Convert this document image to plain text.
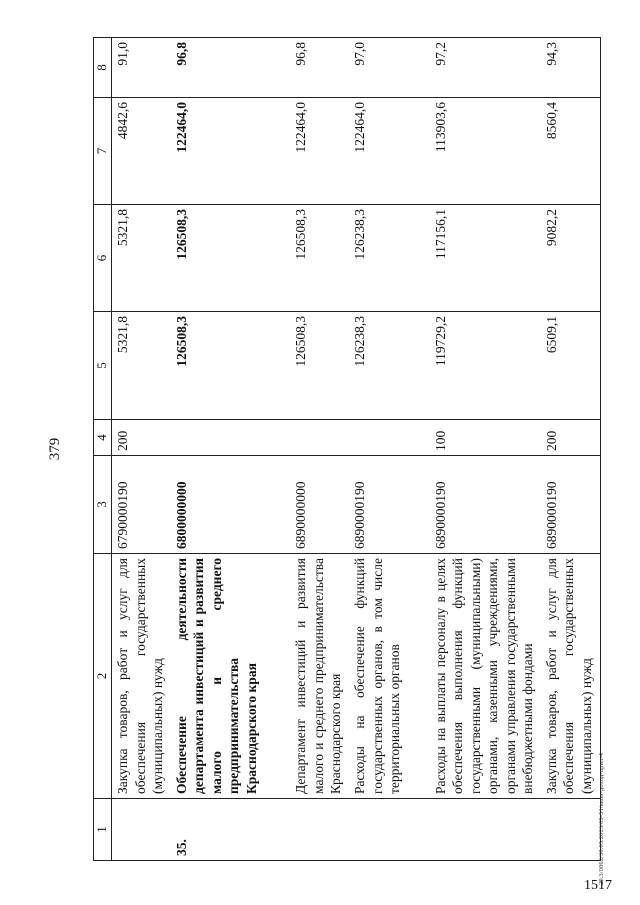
379
1	2	3	4	5	6	7	8
	Закупка товаров, работ и услуг для обеспечения государственных (муниципальных) нужд	6790000190	200	5321,8	5321,8	4842,6	91,0
35.	Обеспечение деятельности департамента инвестиций и развития малого и среднего предпринимательства Краснодарского края	6800000000		126508,3	126508,3	122464,0	96,8
	Департамент инвестиций и развития малого и среднего предпринимательства Краснодарского края	6890000000		126508,3	126508,3	122464,0	96,8
	Расходы на обеспечение функций государственных органов, в том числе территориальных органов	6890000190		126238,3	126238,3	122464,0	97,0
	Расходы на выплаты персоналу в целях обеспечения выполнения функций государственными (муниципальными) органами, казенными учреждениями, органами управления государственными внебюджетными фондами	6890000190	100	119729,2	117156,1	113903,6	97,2
	Закупка товаров, работ и услуг для обеспечения государственных (муниципальных) нужд	6890000190	200	6509,1	9082,2	8560,4	94,3
20.3/0862/30.05.2023/09-51/вкон-доход-прил-4
1517
